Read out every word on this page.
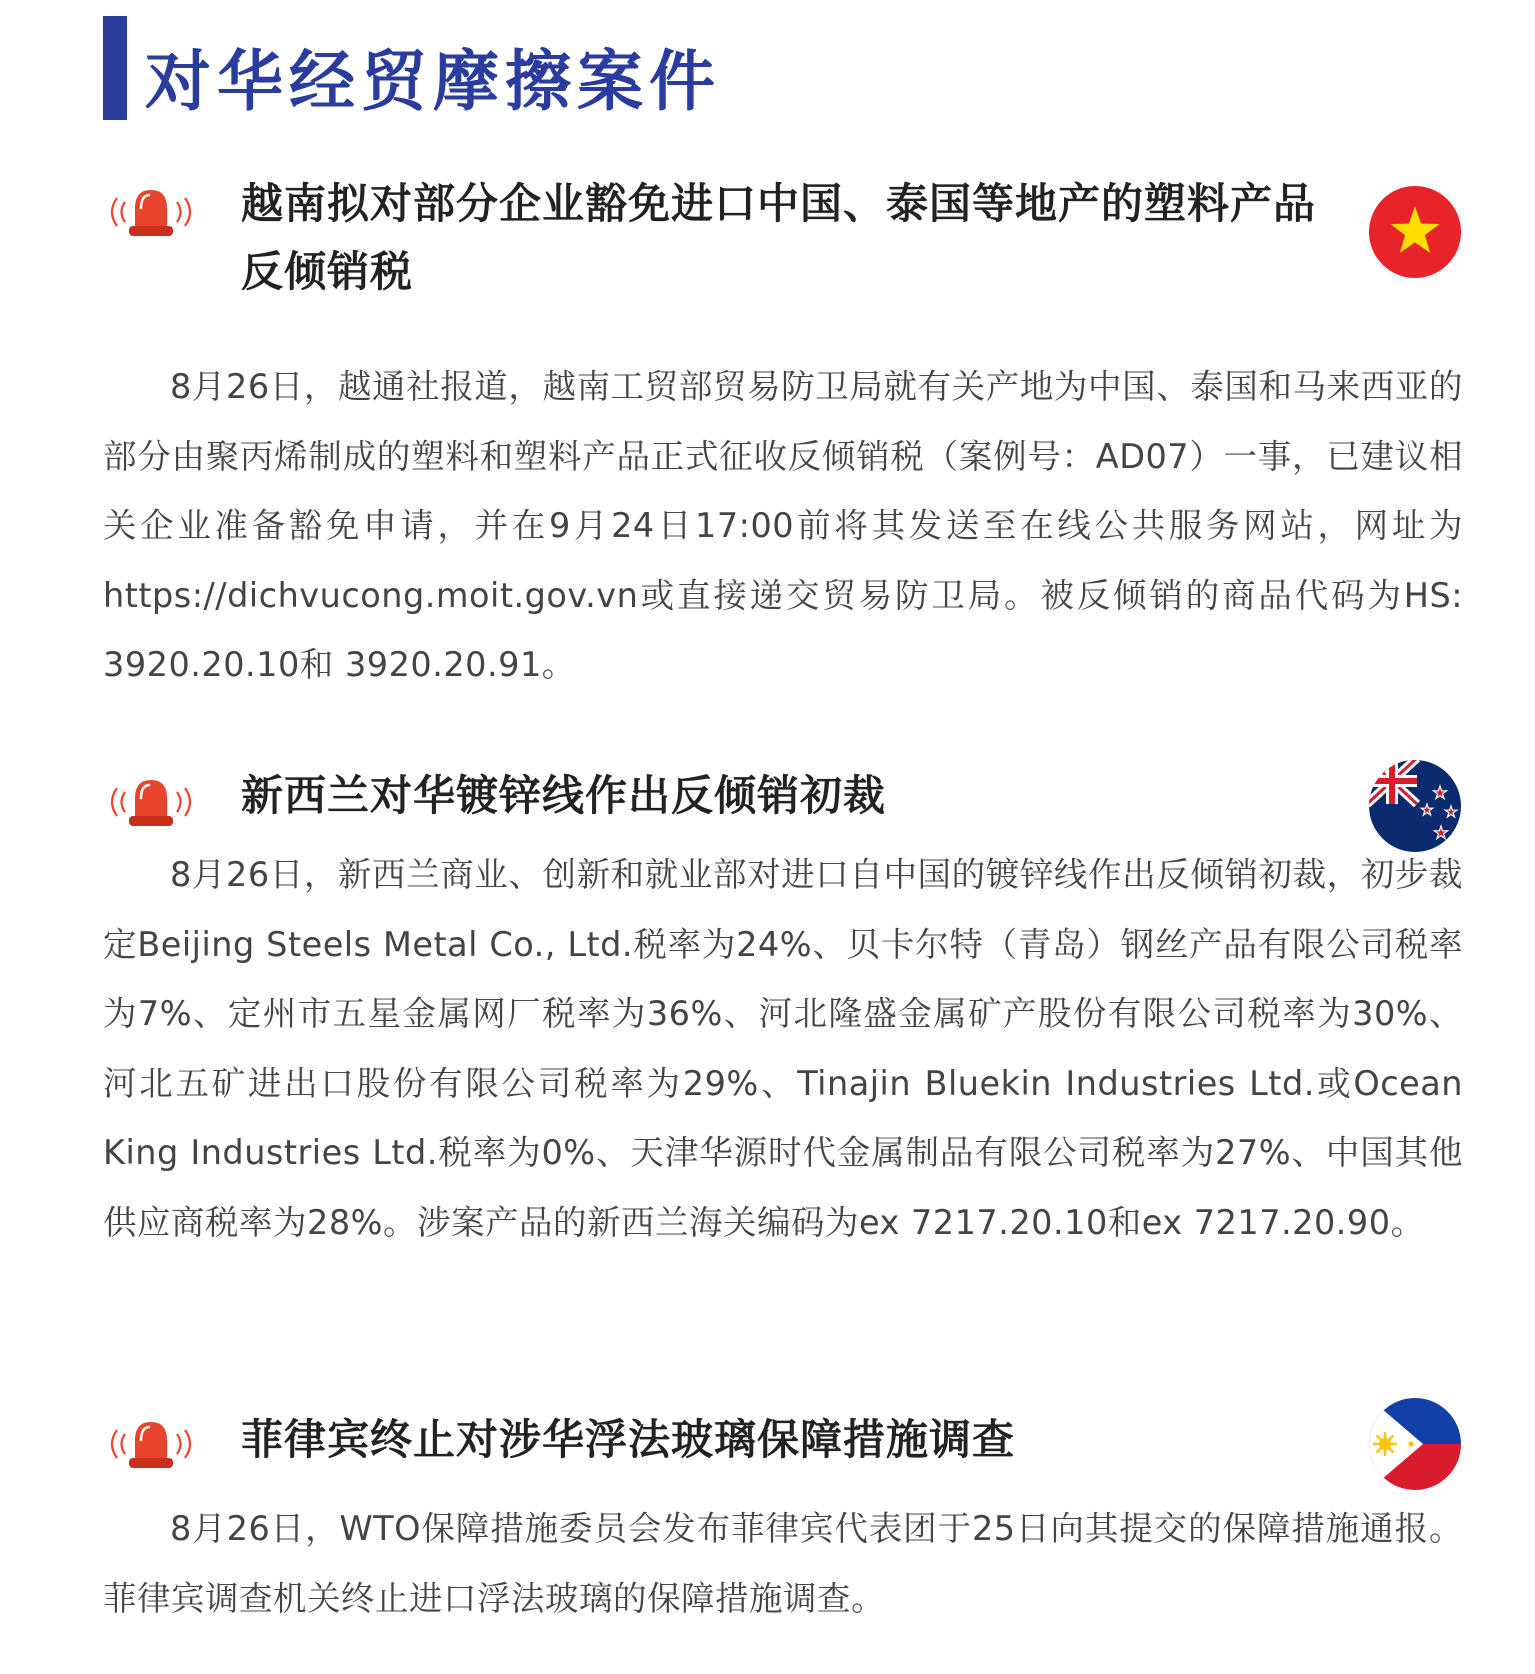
对华经贸摩擦案件
越南拟对部分企业豁免进口中国、泰国等地产的塑料产品反倾销税

8月26日，越通社报道，越南工贸部贸易防卫局就有关产地为中国、泰国和马来西亚的部分由聚丙烯制成的塑料和塑料产品正式征收反倾销税（案例号：AD07）一事，已建议相关企业准备豁免申请，并在9月24日17:00前将其发送至在线公共服务网站，网址为https://dichvucong.moit.gov.vn或直接递交贸易防卫局。被反倾销的商品代码为HS: 3920.20.10和 3920.20.91。

新西兰对华镀锌线作出反倾销初裁

8月26日，新西兰商业、创新和就业部对进口自中国的镀锌线作出反倾销初裁，初步裁定Beijing Steels Metal Co., Ltd.税率为24%、贝卡尔特（青岛）钢丝产品有限公司税率为7%、定州市五星金属网厂税率为36%、河北隆盛金属矿产股份有限公司税率为30%、河北五矿进出口股份有限公司税率为29%、Tinajin Bluekin Industries Ltd.或Ocean King Industries Ltd.税率为0%、天津华源时代金属制品有限公司税率为27%、中国其他供应商税率为28%。涉案产品的新西兰海关编码为ex 7217.20.10和ex 7217.20.90。

菲律宾终止对涉华浮法玻璃保障措施调查

8月26日，WTO保障措施委员会发布菲律宾代表团于25日向其提交的保障措施通报。菲律宾调查机关终止进口浮法玻璃的保障措施调查。
